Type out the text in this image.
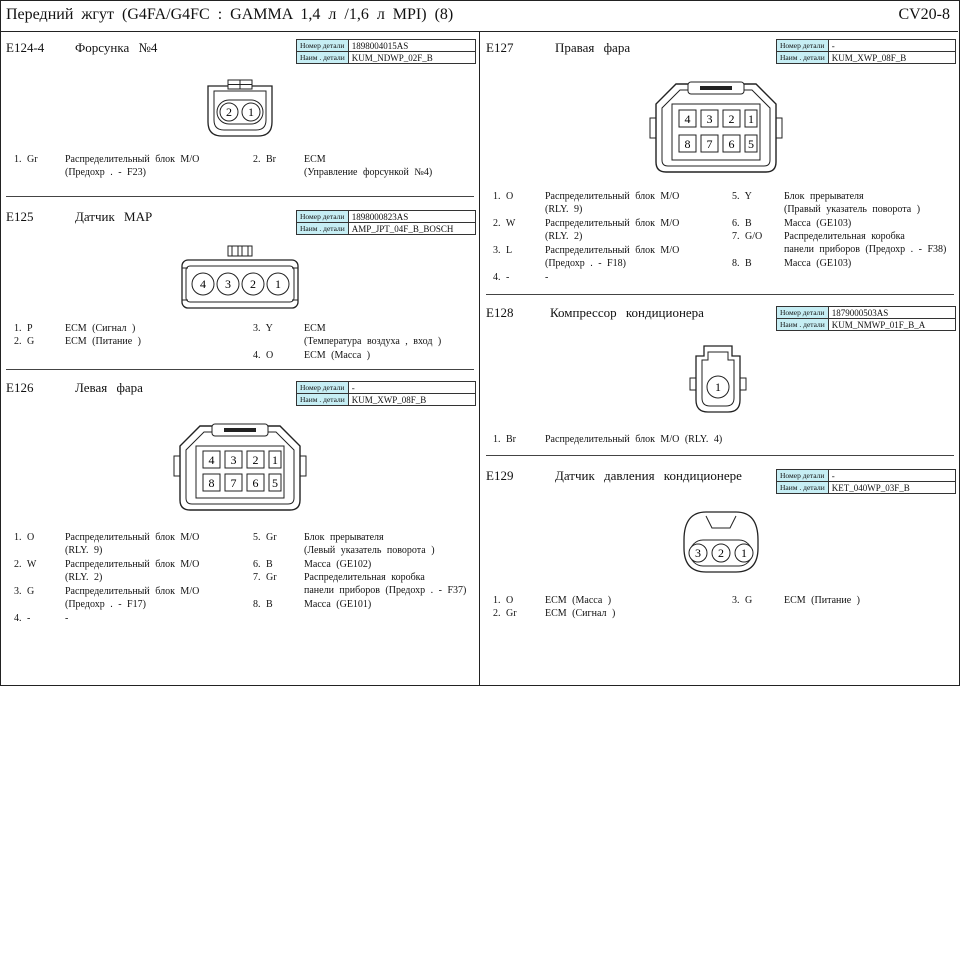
Передний жгут (G4FA/G4FC : GAMMA 1,4 л /1,6 л MPI) (8)	CV20-8
E124-4 Форсунка №4	Номер детали	1898004015AS
Наим . детали	KUM_NDWP_02F_B
2 1
1. Gr	Распределительный блок M/O
(Предохр . - F23)
2. Br	ECM
(Управление форсункой №4)
E125	Датчик MAP	Номер детали	1898000823AS
Наим . детали	AMP_JPT_04F_B_BOSCH
4 3 2 1
1. P	ECM (Сигнал )
2. G	ECM (Питание )
3. Y	ECM
(Температура воздуха , вход )
4. O	ECM (Масса )
E126	Левая фара	Номер детали	-
Наим . детали	KUM_XWP_08F_B
4 3 2 1
8 7 6 5
1. O	Распределительный блок M/O
(RLY. 9)
2. W	Распределительный блок M/O
(RLY. 2)
3. G	Распределительный блок M/O
(Предохр . - F17)
4. -	-
5. Gr	Блок прерывателя
(Левый указатель поворота )
6. B	Масса (GE102)
7. Gr	Распределительная коробка
панели приборов (Предохр . - F37)
8. B	Масса (GE101)
E127	Правая фара	Номер детали	-
Наим . детали	KUM_XWP_08F_B
4 3 2 1
8 7 6 5
1. O	Распределительный блок M/O
(RLY. 9)
2. W	Распределительный блок M/O
(RLY. 2)
3. L	Распределительный блок M/O
(Предохр . - F18)
4. -	-
5. Y	Блок прерывателя
(Правый указатель поворота )
6. B	Масса (GE103)
7. G/O Распределительная коробка
панели приборов (Предохр . - F38)
8. B	Масса (GE103)
E128	Компрессор кондиционера	Номер детали	1879000503AS
Наим . детали	KUM_NMWP_01F_B_A
1
1. Br	Распределительный блок M/O (RLY. 4)
E129	Датчик давления кондиционере	Номер детали	-
Наим . детали	KET_040WP_03F_B
3 2 1
1. O	ECM (Масса )
2. Gr	ECM (Сигнал )
3. G	ECM (Питание )
